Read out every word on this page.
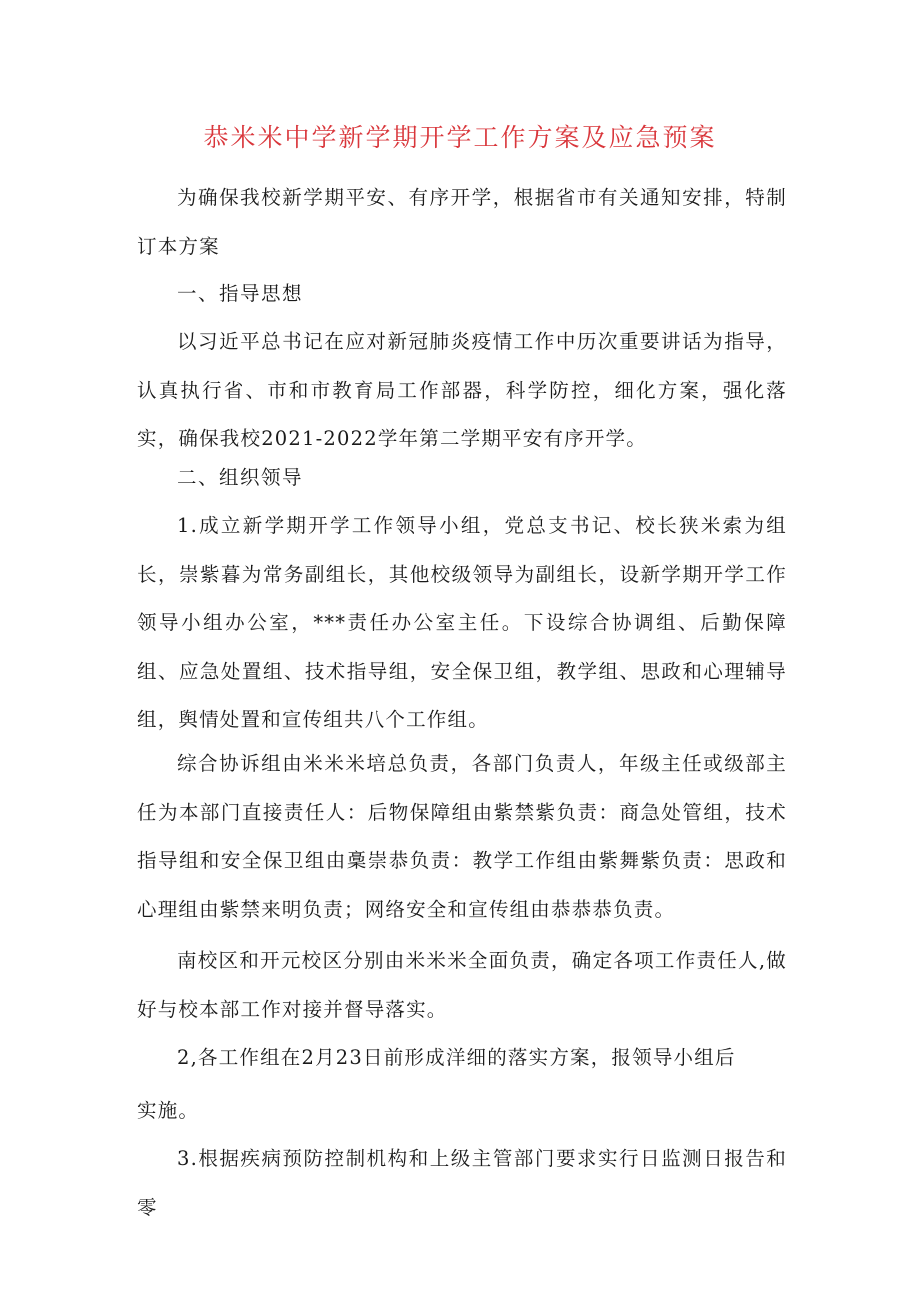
恭米米中学新学期开学工作方案及应急预案

为确保我校新学期平安、有序开学，根据省市有关通知安排，特制订本方案

一、指导思想

以习近平总书记在应对新冠肺炎疫情工作中历次重要讲话为指导，认真执行省、市和市教育局工作部器，科学防控，细化方案，强化落实，确保我校2021-2022学年第二学期平安有序开学。

二、组织领导

1.成立新学期开学工作领导小组，党总支书记、校长狭米索为组长，崇紫暮为常务副组长，其他校级领导为副组长，设新学期开学工作领导小组办公室，***责任办公室主任。下设综合协调组、后勤保障组、应急处置组、技术指导组，安全保卫组，教学组、思政和心理辅导组，舆情处置和宣传组共八个工作组。

综合协诉组由米米米培总负责，各部门负责人，年级主任或级部主任为本部门直接责任人：后物保障组由紫禁紫负责：商急处管组，技术指导组和安全保卫组由稾崇恭负责：教学工作组由紫舞紫负责：思政和心理组由紫禁来明负责；网络安全和宣传组由恭恭恭负责。

南校区和开元校区分别由米米米全面负责，确定各项工作责任人,做好与校本部工作对接并督导落实。

2,各工作组在2月23日前形成洋细的落实方案，报领导小组后

实施。

3.根据疾病预防控制机构和上级主管部门要求实行日监测日报告和零
